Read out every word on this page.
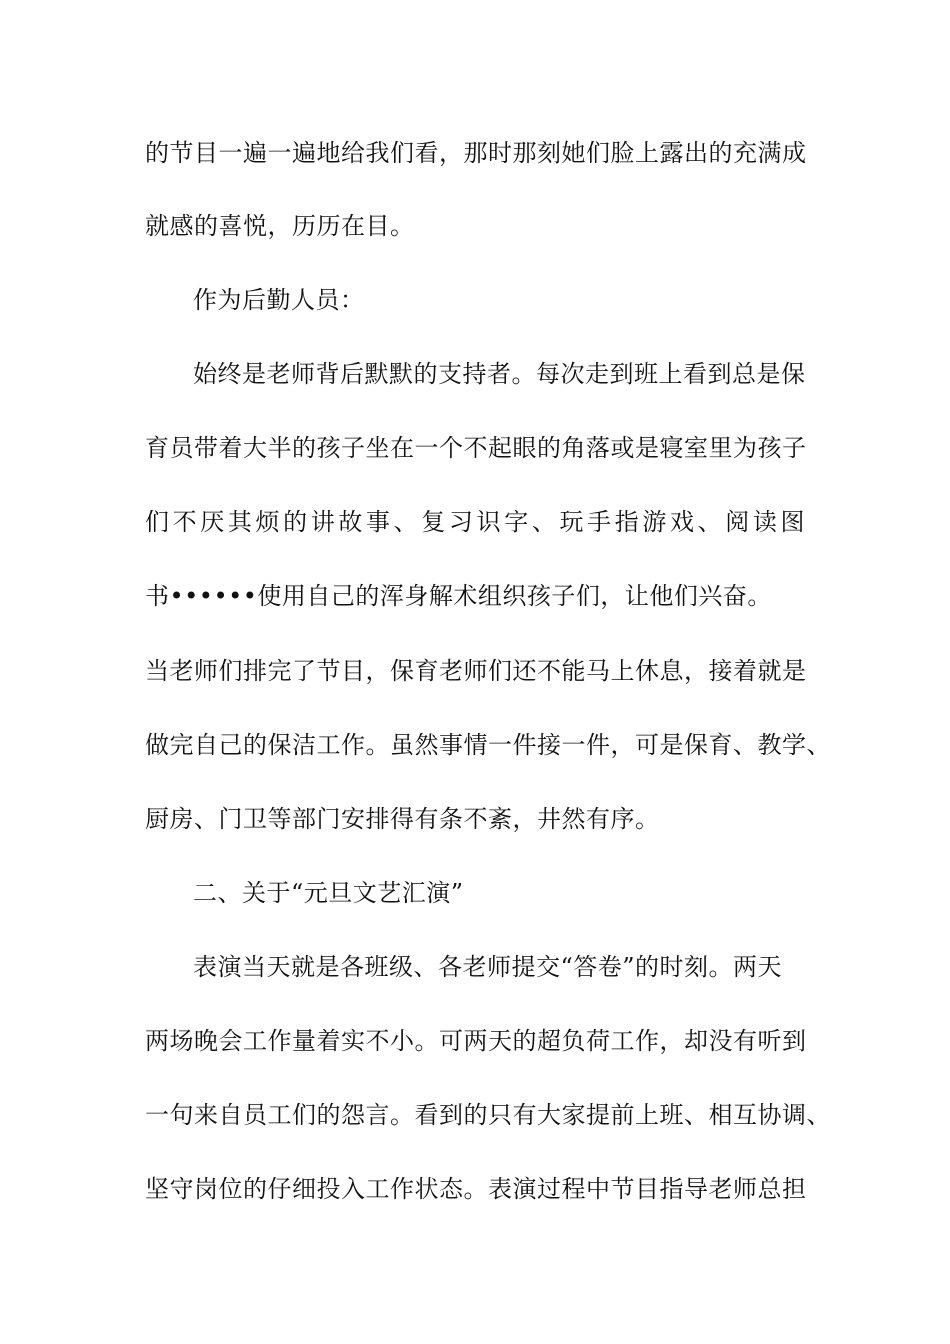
的节目一遍一遍地给我们看，那时那刻她们脸上露出的充满成
就感的喜悦，历历在目。
作为后勤人员：
始终是老师背后默默的支持者。每次走到班上看到总是保
育员带着大半的孩子坐在一个不起眼的角落或是寝室里为孩子
们不厌其烦的讲故事、复习识字、玩手指游戏、阅读图
书••••••使用自己的浑身解术组织孩子们，让他们兴奋。
当老师们排完了节目，保育老师们还不能马上休息，接着就是
做完自己的保洁工作。虽然事情一件接一件，可是保育、教学、
厨房、门卫等部门安排得有条不紊，井然有序。
二、关于“元旦文艺汇演”
表演当天就是各班级、各老师提交“答卷”的时刻。两天
两场晚会工作量着实不小。可两天的超负荷工作，却没有听到
一句来自员工们的怨言。看到的只有大家提前上班、相互协调、
坚守岗位的仔细投入工作状态。表演过程中节目指导老师总担
